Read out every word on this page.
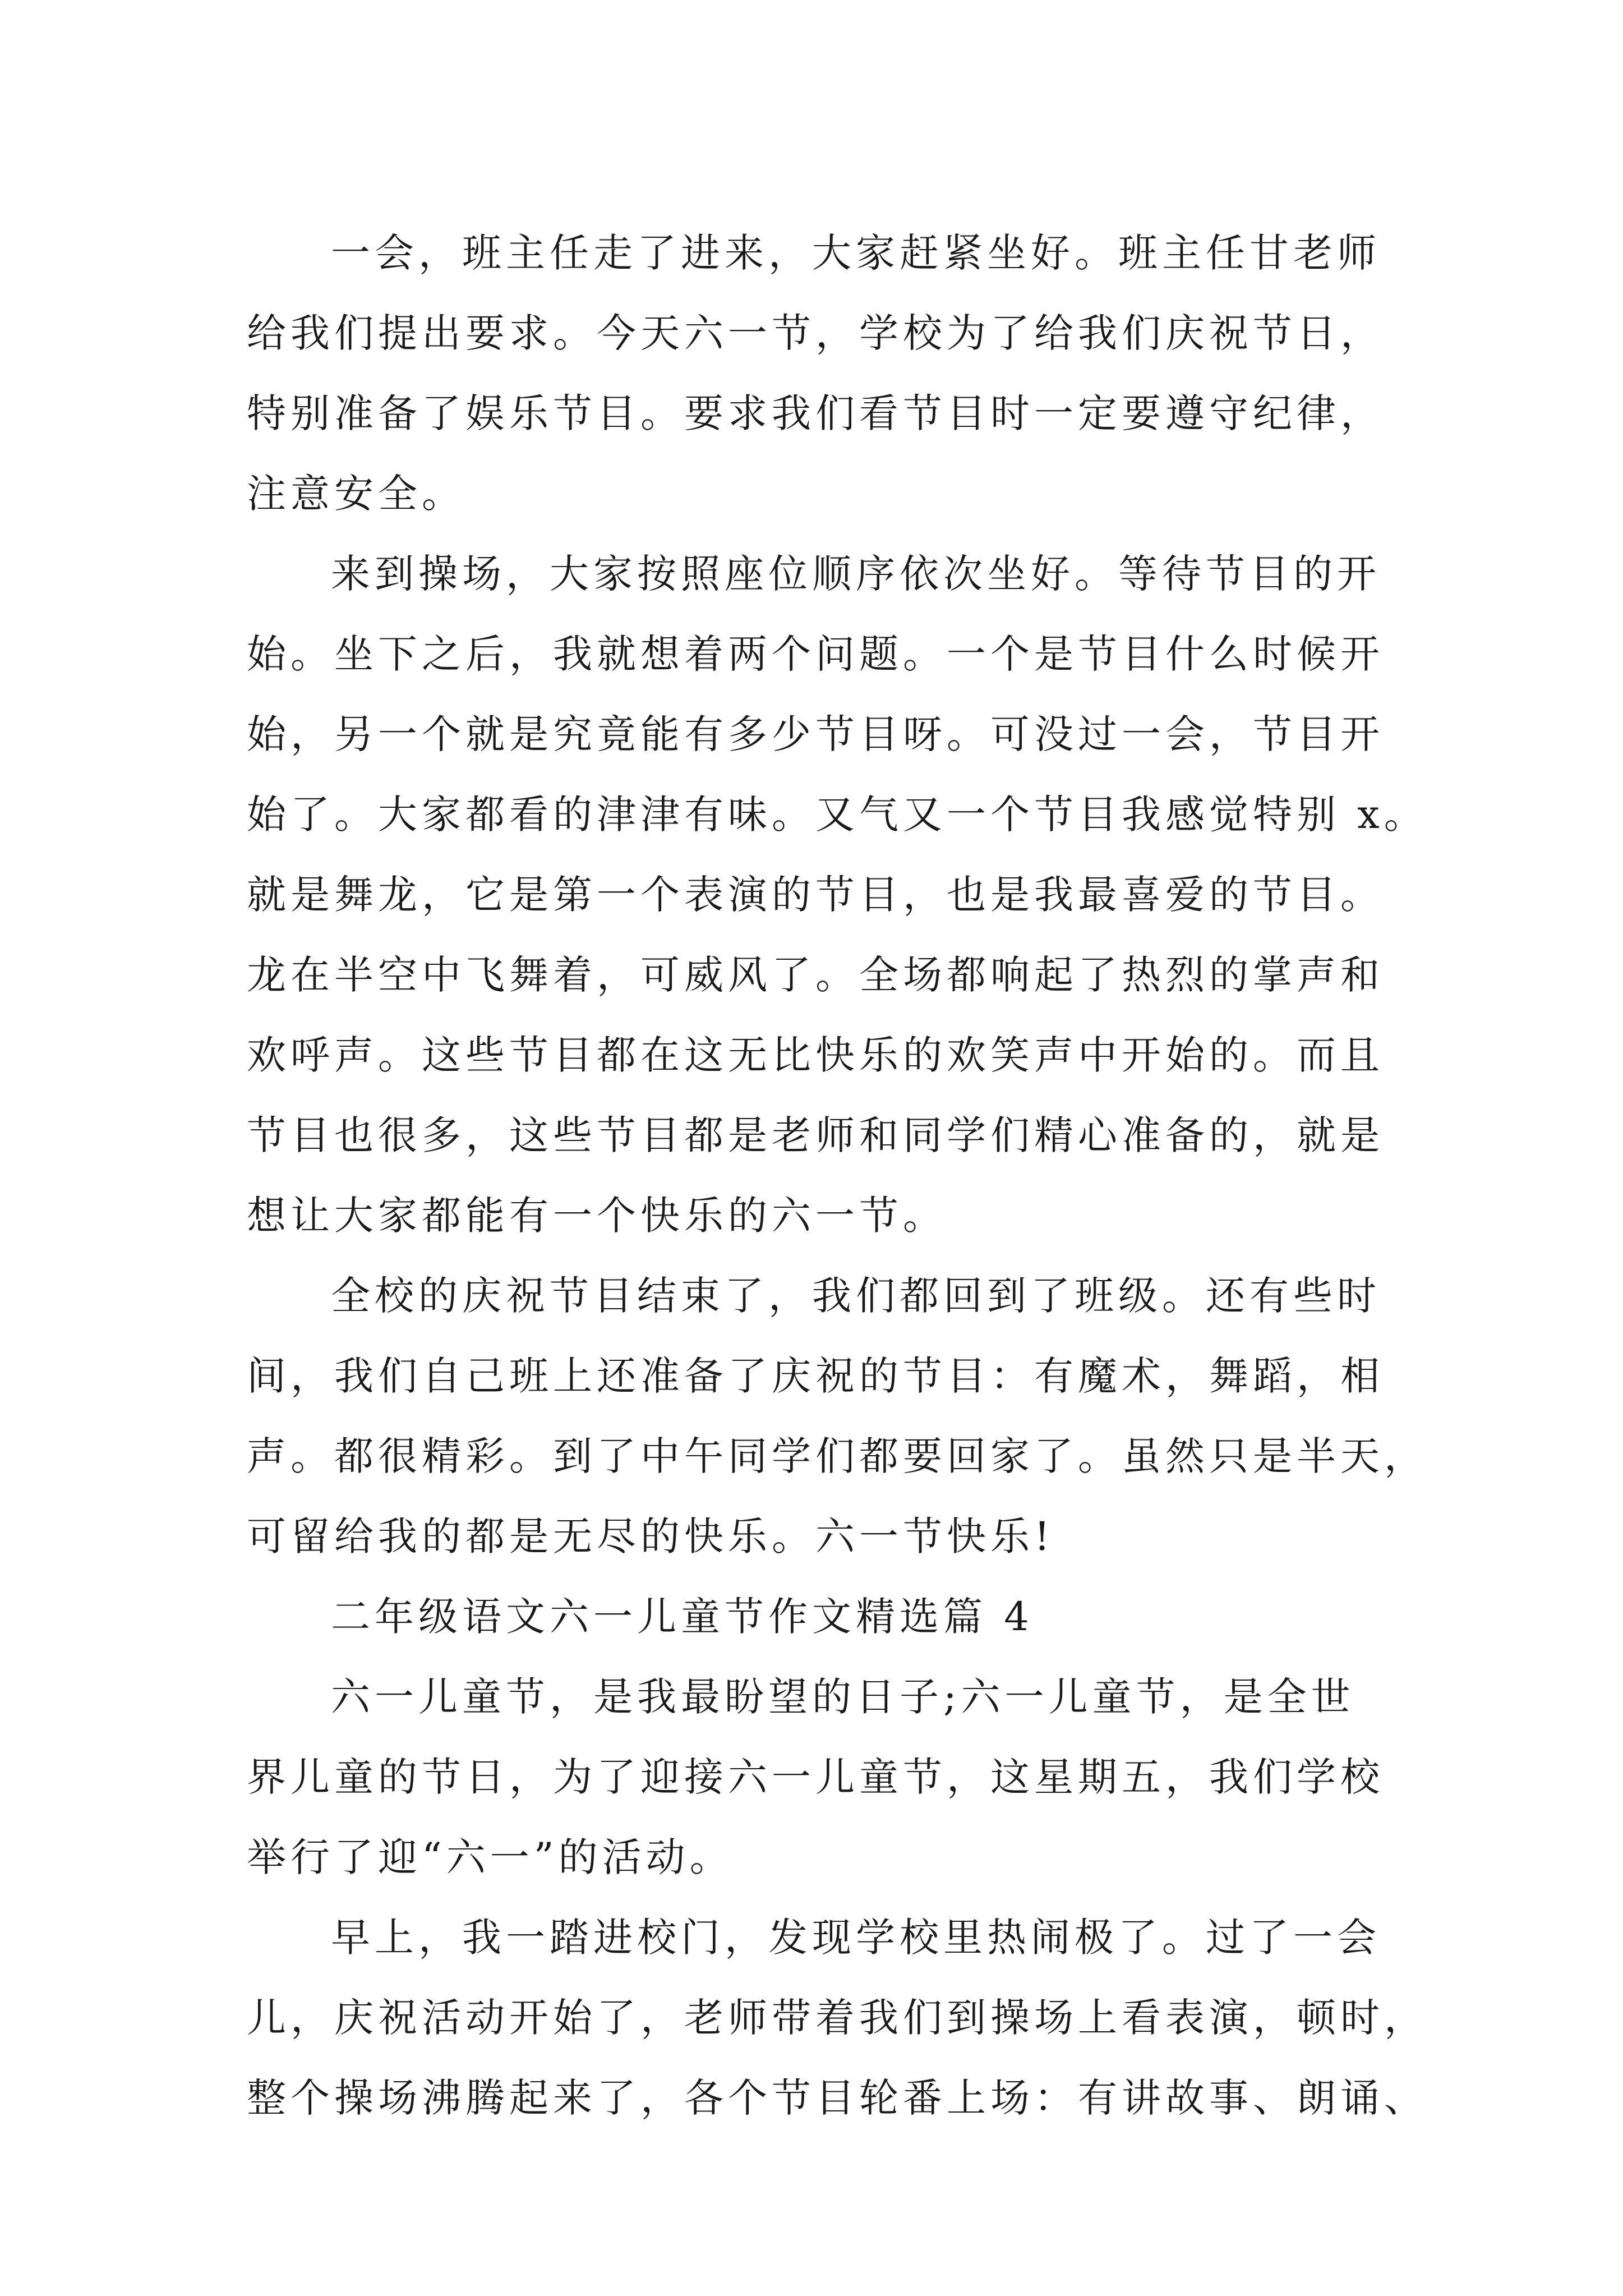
一会，班主任走了进来，大家赶紧坐好。班主任甘老师
给我们提出要求。今天六一节，学校为了给我们庆祝节日，
特别准备了娱乐节目。要求我们看节目时一定要遵守纪律，
注意安全。
来到操场，大家按照座位顺序依次坐好。等待节目的开
始。坐下之后，我就想着两个问题。一个是节目什么时候开
始，另一个就是究竟能有多少节目呀。可没过一会，节目开
始了。大家都看的津津有味。又气又一个节目我感觉特别 x。
就是舞龙，它是第一个表演的节目，也是我最喜爱的节目。
龙在半空中飞舞着，可威风了。全场都响起了热烈的掌声和
欢呼声。这些节目都在这无比快乐的欢笑声中开始的。而且
节目也很多，这些节目都是老师和同学们精心准备的，就是
想让大家都能有一个快乐的六一节。
全校的庆祝节目结束了，我们都回到了班级。还有些时
间，我们自己班上还准备了庆祝的节目：有魔术，舞蹈，相
声。都很精彩。到了中午同学们都要回家了。虽然只是半天，
可留给我的都是无尽的快乐。六一节快乐!
二年级语文六一儿童节作文精选篇 4
六一儿童节，是我最盼望的日子;六一儿童节，是全世
界儿童的节日，为了迎接六一儿童节，这星期五，我们学校
举行了迎“六一”的活动。
早上，我一踏进校门，发现学校里热闹极了。过了一会
儿，庆祝活动开始了，老师带着我们到操场上看表演，顿时，
整个操场沸腾起来了，各个节目轮番上场：有讲故事、朗诵、
